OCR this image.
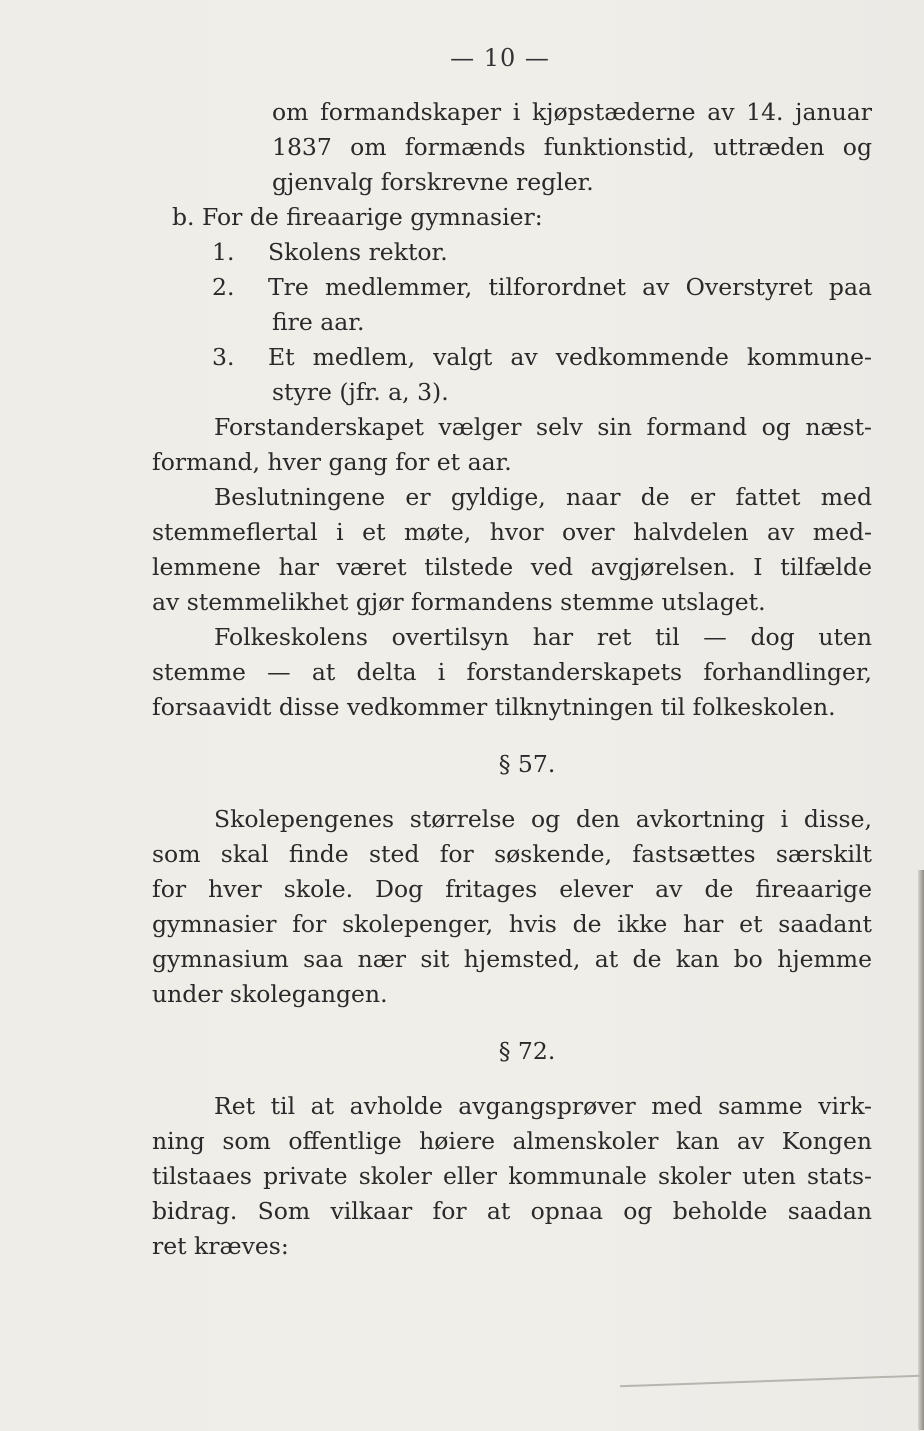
— 10 —
om formandskaper i kjøpstæderne av 14. januar
1837 om formænds funktionstid, uttræden og
gjenvalg forskrevne regler.
b. For de fireaarige gymnasier:
1. Skolens rektor.
2. Tre medlemmer, tilforordnet av Overstyret paa
fire aar.
3. Et medlem, valgt av vedkommende kommune-
styre (jfr. a, 3).
Forstanderskapet vælger selv sin formand og næst-
formand, hver gang for et aar.
Beslutningene er gyldige, naar de er fattet med
stemmeflertal i et møte, hvor over halvdelen av med-
lemmene har været tilstede ved avgjørelsen. I tilfælde
av stemmelikhet gjør formandens stemme utslaget.
Folkeskolens overtilsyn har ret til — dog uten
stemme — at delta i forstanderskapets forhandlinger,
forsaavidt disse vedkommer tilknytningen til folkeskolen.
§ 57.
Skolepengenes størrelse og den avkortning i disse,
som skal finde sted for søskende, fastsættes særskilt
for hver skole. Dog fritages elever av de fireaarige
gymnasier for skolepenger, hvis de ikke har et saadant
gymnasium saa nær sit hjemsted, at de kan bo hjemme
under skolegangen.
§ 72.
Ret til at avholde avgangsprøver med samme virk-
ning som offentlige høiere almenskoler kan av Kongen
tilstaaes private skoler eller kommunale skoler uten stats-
bidrag. Som vilkaar for at opnaa og beholde saadan
ret kræves:
